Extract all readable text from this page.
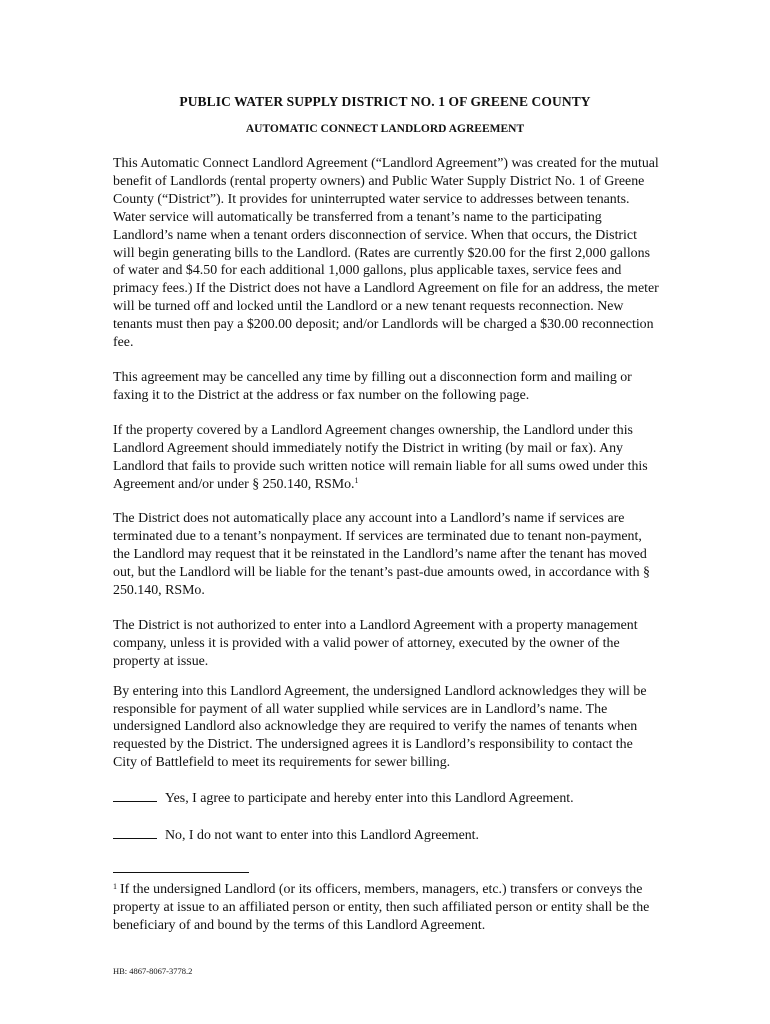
PUBLIC WATER SUPPLY DISTRICT NO. 1 OF GREENE COUNTY
AUTOMATIC CONNECT LANDLORD AGREEMENT

This Automatic Connect Landlord Agreement (“Landlord Agreement”) was created for the mutual benefit of Landlords (rental property owners) and Public Water Supply District No. 1 of Greene County (“District”). It provides for uninterrupted water service to addresses between tenants. Water service will automatically be transferred from a tenant’s name to the participating Landlord’s name when a tenant orders disconnection of service. When that occurs, the District will begin generating bills to the Landlord. (Rates are currently $20.00 for the first 2,000 gallons of water and $4.50 for each additional 1,000 gallons, plus applicable taxes, service fees and primacy fees.) If the District does not have a Landlord Agreement on file for an address, the meter will be turned off and locked until the Landlord or a new tenant requests reconnection. New tenants must then pay a $200.00 deposit; and/or Landlords will be charged a $30.00 reconnection fee.

This agreement may be cancelled any time by filling out a disconnection form and mailing or faxing it to the District at the address or fax number on the following page.

If the property covered by a Landlord Agreement changes ownership, the Landlord under this Landlord Agreement should immediately notify the District in writing (by mail or fax). Any Landlord that fails to provide such written notice will remain liable for all sums owed under this Agreement and/or under § 250.140, RSMo.$^1$

The District does not automatically place any account into a Landlord’s name if services are terminated due to a tenant’s nonpayment. If services are terminated due to tenant non-payment, the Landlord may request that it be reinstated in the Landlord’s name after the tenant has moved out, but the Landlord will be liable for the tenant’s past-due amounts owed, in accordance with § 250.140, RSMo.

The District is not authorized to enter into a Landlord Agreement with a property management company, unless it is provided with a valid power of attorney, executed by the owner of the property at issue.

By entering into this Landlord Agreement, the undersigned Landlord acknowledges they will be responsible for payment of all water supplied while services are in Landlord’s name. The undersigned Landlord also acknowledge they are required to verify the names of tenants when requested by the District. The undersigned agrees it is Landlord’s responsibility to contact the City of Battlefield to meet its requirements for sewer billing.

Yes, I agree to participate and hereby enter into this Landlord Agreement.
No, I do not want to enter into this Landlord Agreement.
$^1$ If the undersigned Landlord (or its officers, members, managers, etc.) transfers or conveys the property at issue to an affiliated person or entity, then such affiliated person or entity shall be the beneficiary of and bound by the terms of this Landlord Agreement.
HB: 4867-8067-3778.2
